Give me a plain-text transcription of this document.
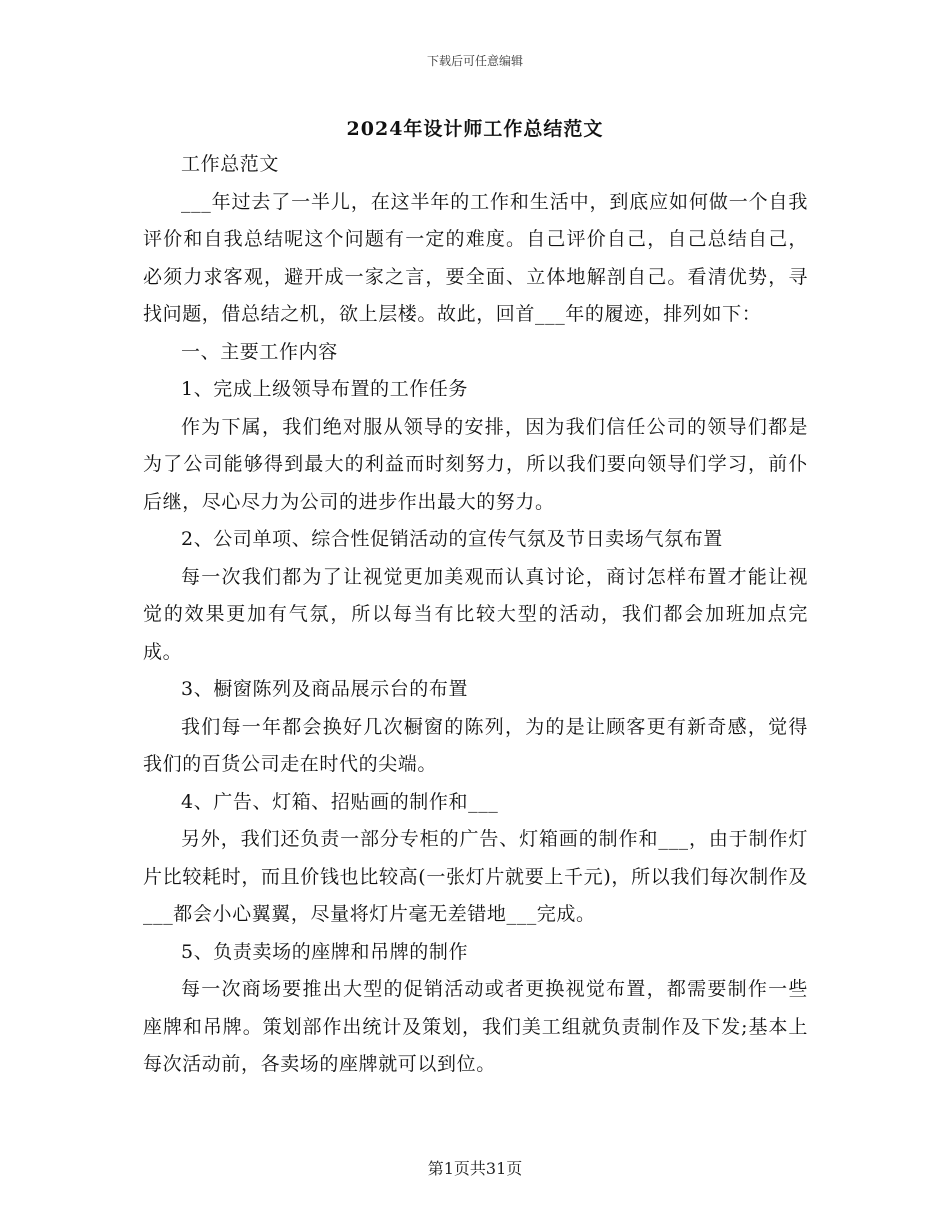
下载后可任意编辑
2024年设计师工作总结范文

工作总范文

___年过去了一半儿，在这半年的工作和生活中，到底应如何做一个自我评价和自我总结呢这个问题有一定的难度。自己评价自己，自己总结自己，必须力求客观，避开成一家之言，要全面、立体地解剖自己。看清优势，寻找问题，借总结之机，欲上层楼。故此，回首___年的履迹，排列如下：

一、主要工作内容

1、完成上级领导布置的工作任务

作为下属，我们绝对服从领导的安排，因为我们信任公司的领导们都是为了公司能够得到最大的利益而时刻努力，所以我们要向领导们学习，前仆后继，尽心尽力为公司的进步作出最大的努力。

2、公司单项、综合性促销活动的宣传气氛及节日卖场气氛布置

每一次我们都为了让视觉更加美观而认真讨论，商讨怎样布置才能让视觉的效果更加有气氛，所以每当有比较大型的活动，我们都会加班加点完成。

3、橱窗陈列及商品展示台的布置

我们每一年都会换好几次橱窗的陈列，为的是让顾客更有新奇感，觉得我们的百货公司走在时代的尖端。

4、广告、灯箱、招贴画的制作和___

另外，我们还负责一部分专柜的广告、灯箱画的制作和___，由于制作灯片比较耗时，而且价钱也比较高(一张灯片就要上千元)，所以我们每次制作及___都会小心翼翼，尽量将灯片毫无差错地___完成。

5、负责卖场的座牌和吊牌的制作

每一次商场要推出大型的促销活动或者更换视觉布置，都需要制作一些座牌和吊牌。策划部作出统计及策划，我们美工组就负责制作及下发;基本上每次活动前，各卖场的座牌就可以到位。

第1页共31页
